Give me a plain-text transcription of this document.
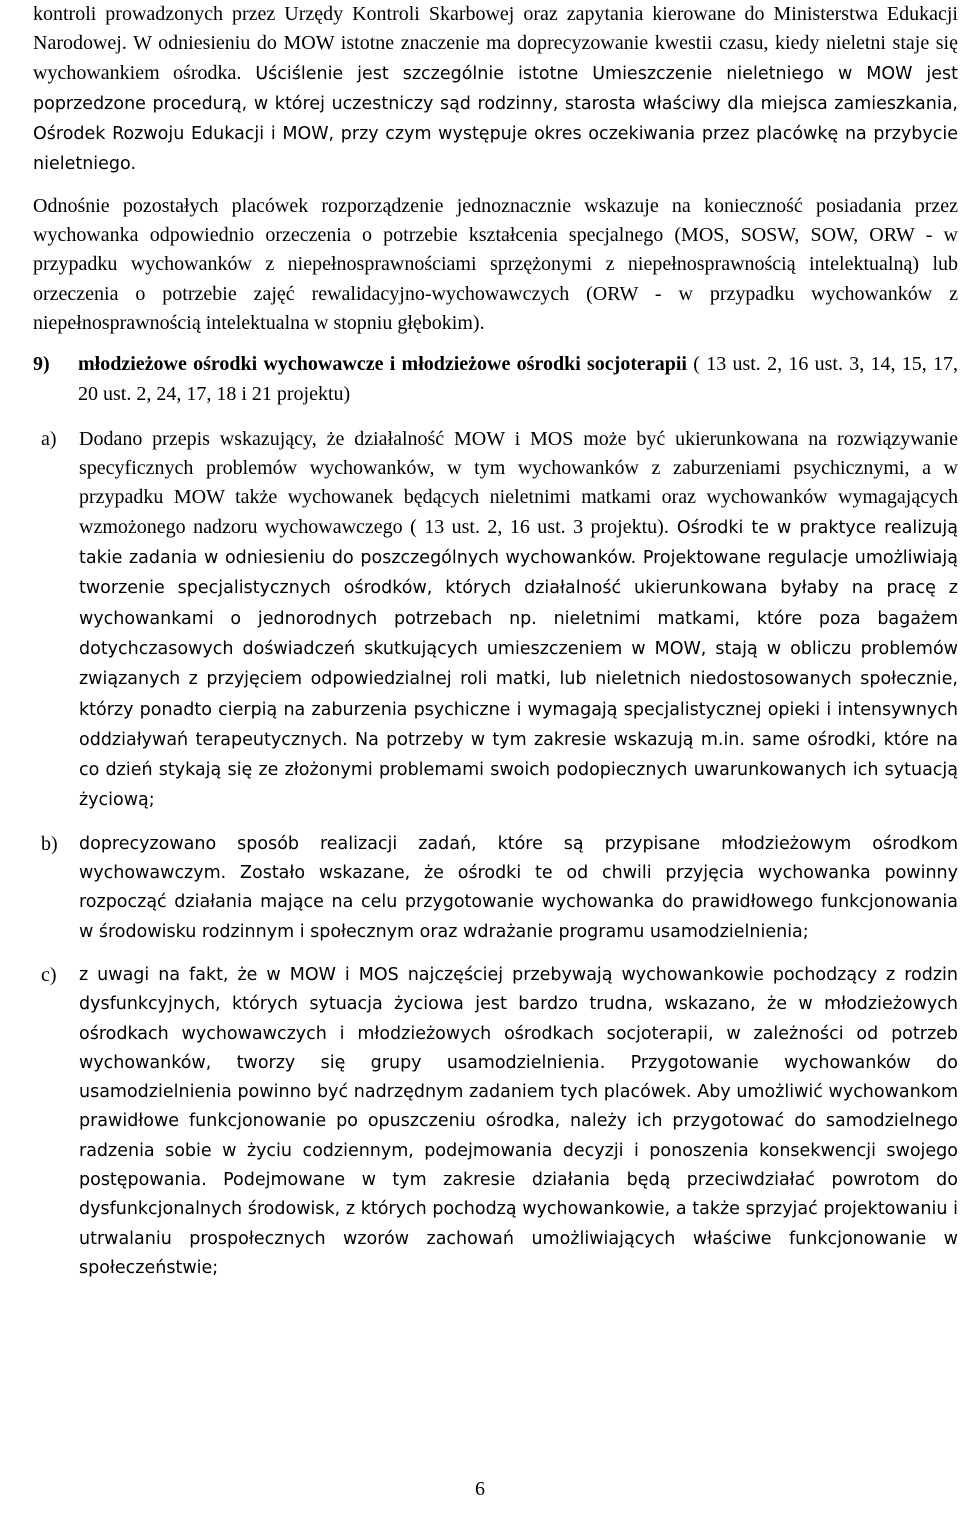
kontroli prowadzonych przez Urzędy Kontroli Skarbowej oraz zapytania kierowane do Ministerstwa Edukacji Narodowej. W odniesieniu do MOW istotne znaczenie ma doprecyzowanie kwestii czasu, kiedy nieletni staje się wychowankiem ośrodka. Uściślenie jest szczególnie istotne Umieszczenie nieletniego w MOW jest poprzedzone procedurą, w której uczestniczy sąd rodzinny, starosta właściwy dla miejsca zamieszkania, Ośrodek Rozwoju Edukacji i MOW, przy czym występuje okres oczekiwania przez placówkę na przybycie nieletniego.

Odnośnie pozostałych placówek rozporządzenie jednoznacznie wskazuje na konieczność posiadania przez wychowanka odpowiednio orzeczenia o potrzebie kształcenia specjalnego (MOS, SOSW, SOW, ORW - w przypadku wychowanków z niepełnosprawnościami sprzężonymi z niepełnosprawnością intelektualną) lub orzeczenia o potrzebie zajęć rewalidacyjno-wychowawczych (ORW - w przypadku wychowanków z niepełnosprawnością intelektualna w stopniu głębokim).

9)	młodzieżowe ośrodki wychowawcze i młodzieżowe ośrodki socjoterapii ( 13 ust. 2, 16 ust. 3, 14, 15, 17, 20 ust. 2, 24, 17, 18 i 21 projektu)
a)	Dodano przepis wskazujący, że działalność MOW i MOS może być ukierunkowana na rozwiązywanie specyficznych problemów wychowanków, w tym wychowanków z zaburzeniami psychicznymi, a w przypadku MOW także wychowanek będących nieletnimi matkami oraz wychowanków wymagających wzmożonego nadzoru wychowawczego ( 13 ust. 2, 16 ust. 3 projektu). Ośrodki te w praktyce realizują takie zadania w odniesieniu do poszczególnych wychowanków. Projektowane regulacje umożliwiają tworzenie specjalistycznych ośrodków, których działalność ukierunkowana byłaby na pracę z wychowankami o jednorodnych potrzebach np. nieletnimi matkami, które poza bagażem dotychczasowych doświadczeń skutkujących umieszczeniem w MOW, stają w obliczu problemów związanych z przyjęciem odpowiedzialnej roli matki, lub nieletnich niedostosowanych społecznie, którzy ponadto cierpią na zaburzenia psychiczne i wymagają specjalistycznej opieki i intensywnych oddziaływań terapeutycznych. Na potrzeby w tym zakresie wskazują m.in. same ośrodki, które na co dzień stykają się ze złożonymi problemami swoich podopiecznych uwarunkowanych ich sytuacją życiową;

b)	doprecyzowano sposób realizacji zadań, które są przypisane młodzieżowym ośrodkom wychowawczym. Zostało wskazane, że ośrodki te od chwili przyjęcia wychowanka powinny rozpocząć działania mające na celu przygotowanie wychowanka do prawidłowego funkcjonowania w środowisku rodzinnym i społecznym oraz wdrażanie programu usamodzielnienia;

c)	z uwagi na fakt, że w MOW i MOS najczęściej przebywają wychowankowie pochodzący z rodzin dysfunkcyjnych, których sytuacja życiowa jest bardzo trudna, wskazano, że w młodzieżowych ośrodkach wychowawczych i młodzieżowych ośrodkach socjoterapii, w zależności od potrzeb wychowanków, tworzy się grupy usamodzielnienia. Przygotowanie wychowanków do usamodzielnienia powinno być nadrzędnym zadaniem tych placówek. Aby umożliwić wychowankom prawidłowe funkcjonowanie po opuszczeniu ośrodka, należy ich przygotować do samodzielnego radzenia sobie w życiu codziennym, podejmowania decyzji i ponoszenia konsekwencji swojego postępowania. Podejmowane w tym zakresie działania będą przeciwdziałać powrotom do dysfunkcjonalnych środowisk, z których pochodzą wychowankowie, a także sprzyjać projektowaniu i utrwalaniu prospołecznych wzorów zachowań umożliwiających właściwe funkcjonowanie w społeczeństwie;

6
